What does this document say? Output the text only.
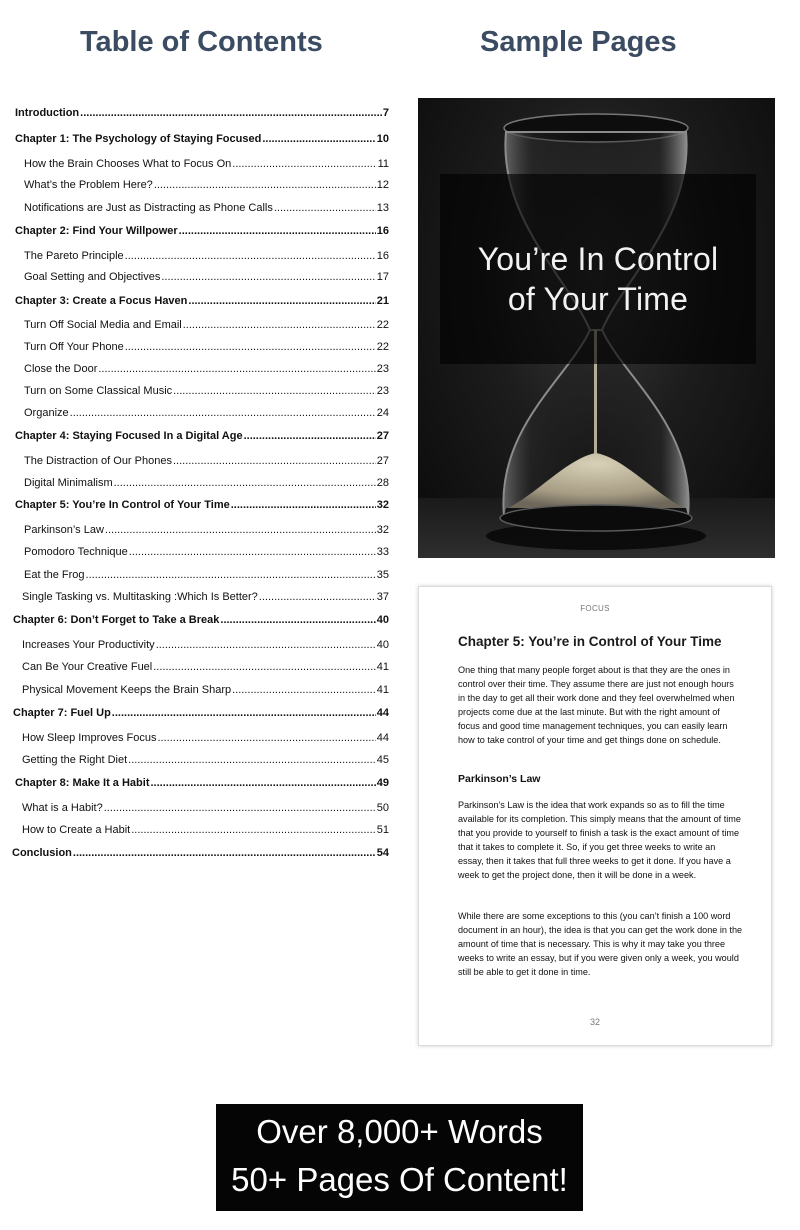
Table of Contents	Sample Pages
Introduction .....	7
Chapter 1: The Psychology of Staying Focused .....	10
How the Brain Chooses What to Focus On .....	11
What’s the Problem Here? .....	12
Notifications are Just as Distracting as Phone Calls .....	13
Chapter 2: Find Your Willpower .....	16
The Pareto Principle .....	16
Goal Setting and Objectives .....	17
Chapter 3: Create a Focus Haven .....	21
Turn Off Social Media and Email .....	22
Turn Off Your Phone .....	22
Close the Door .....	23
Turn on Some Classical Music .....	23
Organize .....	24
Chapter 4: Staying Focused In a Digital Age .....	27
The Distraction of Our Phones .....	27
Digital Minimalism .....	28
Chapter 5: You’re In Control of Your Time .....	32
Parkinson’s Law .....	32
Pomodoro Technique .....	33
Eat the Frog .....	35
Single Tasking vs. Multitasking :Which Is Better? .....	37
Chapter 6: Don’t Forget to Take a Break .....	40
Increases Your Productivity .....	40
Can Be Your Creative Fuel .....	41
Physical Movement Keeps the Brain Sharp .....	41
Chapter 7: Fuel Up .....	44
How Sleep Improves Focus .....	44
Getting the Right Diet .....	45
Chapter 8: Make It a Habit .....	49
What is a Habit? .....	50
How to Create a Habit .....	51
Conclusion .....	54
You’re In Control
of Your Time
FOCUS
Chapter 5: You’re in Control of Your Time
One thing that many people forget about is that they are the ones in control over their time. They assume there are just not enough hours in the day to get all their work done and they feel overwhelmed when projects come due at the last minute. But with the right amount of focus and good time management techniques, you can easily learn how to take control of your time and get things done on schedule.
Parkinson’s Law
Parkinson’s Law is the idea that work expands so as to fill the time available for its completion. This simply means that the amount of time that you provide to yourself to finish a task is the exact amount of time that it takes to complete it. So, if you get three weeks to write an essay, then it takes that full three weeks to get it done. If you have a week to get the project done, then it will be done in a week.
While there are some exceptions to this (you can’t finish a 100 word document in an hour), the idea is that you can get the work done in the amount of time that is necessary. This is why it may take you three weeks to write an essay, but if you were given only a week, you would still be able to get it done in time.
32
Over 8,000+ Words
50+ Pages Of Content!
